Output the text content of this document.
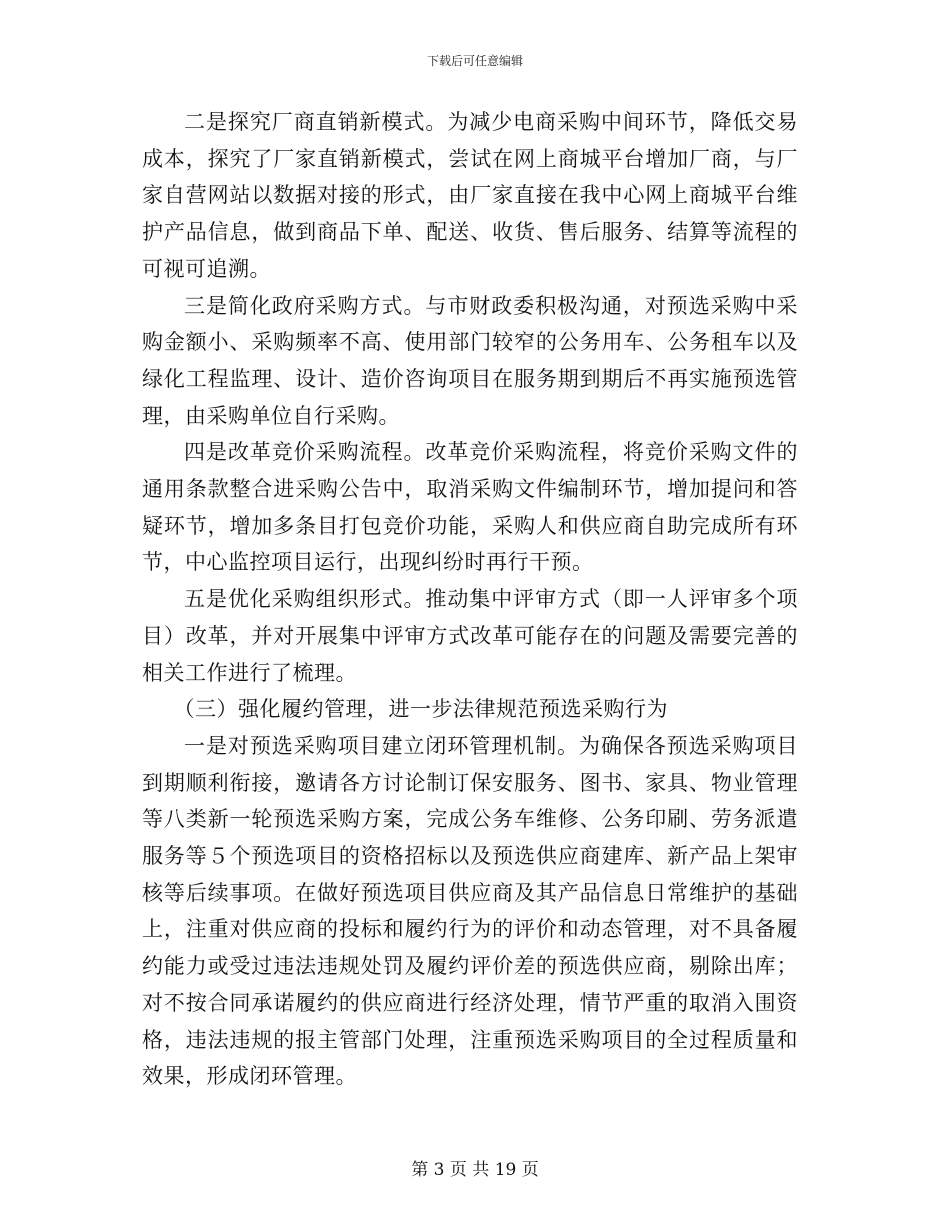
下载后可任意编辑

二是探究厂商直销新模式。为减少电商采购中间环节，降低交易成本，探究了厂家直销新模式，尝试在网上商城平台增加厂商，与厂家自营网站以数据对接的形式，由厂家直接在我中心网上商城平台维护产品信息，做到商品下单、配送、收货、售后服务、结算等流程的可视可追溯。

三是简化政府采购方式。与市财政委积极沟通，对预选采购中采购金额小、采购频率不高、使用部门较窄的公务用车、公务租车以及绿化工程监理、设计、造价咨询项目在服务期到期后不再实施预选管理，由采购单位自行采购。

四是改革竞价采购流程。改革竞价采购流程，将竞价采购文件的通用条款整合进采购公告中，取消采购文件编制环节，增加提问和答疑环节，增加多条目打包竞价功能，采购人和供应商自助完成所有环节，中心监控项目运行，出现纠纷时再行干预。

五是优化采购组织形式。推动集中评审方式（即一人评审多个项目）改革，并对开展集中评审方式改革可能存在的问题及需要完善的相关工作进行了梳理。

（三）强化履约管理，进一步法律规范预选采购行为

一是对预选采购项目建立闭环管理机制。为确保各预选采购项目到期顺利衔接，邀请各方讨论制订保安服务、图书、家具、物业管理等八类新一轮预选采购方案，完成公务车维修、公务印刷、劳务派遣服务等５个预选项目的资格招标以及预选供应商建库、新产品上架审核等后续事项。在做好预选项目供应商及其产品信息日常维护的基础上，注重对供应商的投标和履约行为的评价和动态管理，对不具备履约能力或受过违法违规处罚及履约评价差的预选供应商，剔除出库；对不按合同承诺履约的供应商进行经济处理，情节严重的取消入围资格，违法违规的报主管部门处理，注重预选采购项目的全过程质量和效果，形成闭环管理。

第 3 页 共 19 页
